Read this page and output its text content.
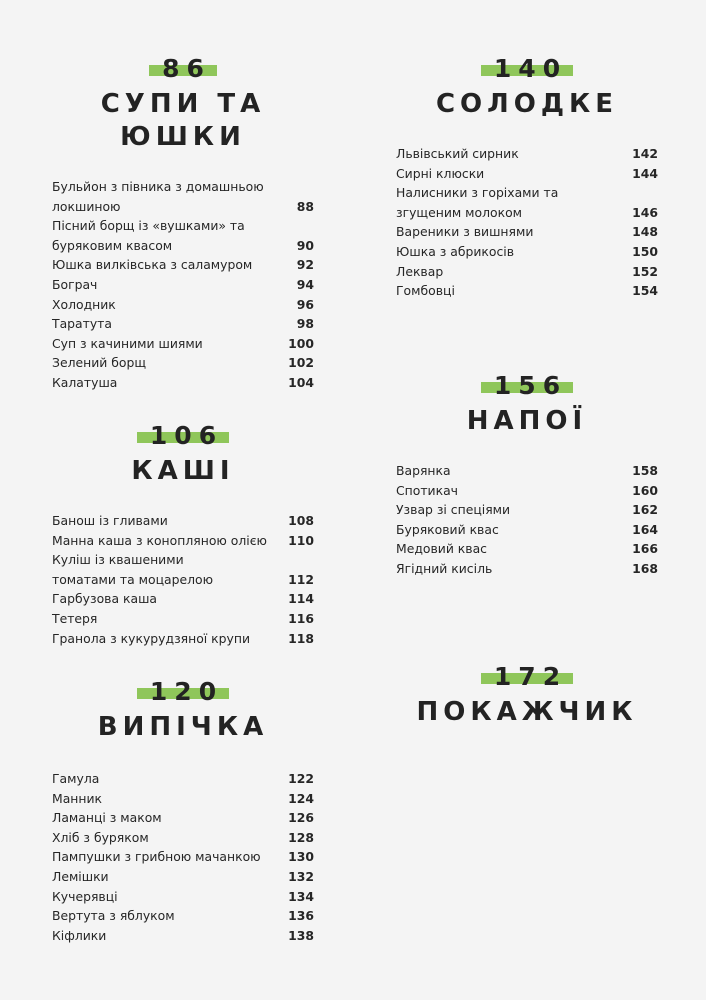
86
СУПИ ТА
ЮШКИ
Бульйон з півника з домашньою локшиною	88
Пісний борщ із «вушками» та буряковим квасом	90
Юшка вилківська з саламуром	92
Бограч	94
Холодник	96
Таратута	98
Суп з качиними шиями	100
Зелений борщ	102
Калатуша	104
106
КАШІ
Банош із гливами	108
Манна каша з конопляною олією	110
Куліш із квашеними томатами та моцарелою	112
Гарбузова каша	114
Тетеря	116
Гранола з кукурудзяної крупи	118
120
ВИПІЧКА
Гамула	122
Манник	124
Ламанці з маком	126
Хліб з буряком	128
Пампушки з грибною мачанкою	130
Лемішки	132
Кучерявці	134
Вертута з яблуком	136
Кіфлики	138
140
СОЛОДКЕ
Львівський сирник	142
Сирні клюски	144
Налисники з горіхами та згущеним молоком	146
Вареники з вишнями	148
Юшка з абрикосів	150
Леквар	152
Гомбовці	154
156
НАПОЇ
Варянка	158
Спотикач	160
Узвар зі спеціями	162
Буряковий квас	164
Медовий квас	166
Ягідний кисіль	168
172
ПОКАЖЧИК
